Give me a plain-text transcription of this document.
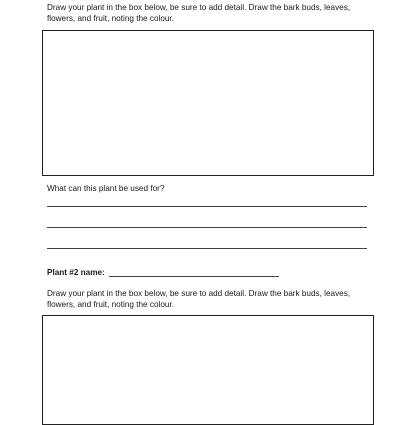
Draw your plant in the box below, be sure to add detail. Draw the bark buds, leaves, flowers, and fruit, noting the colour.

What can this plant be used for?

Plant #2 name:

Draw your plant in the box below, be sure to add detail. Draw the bark buds, leaves, flowers, and fruit, noting the colour.
